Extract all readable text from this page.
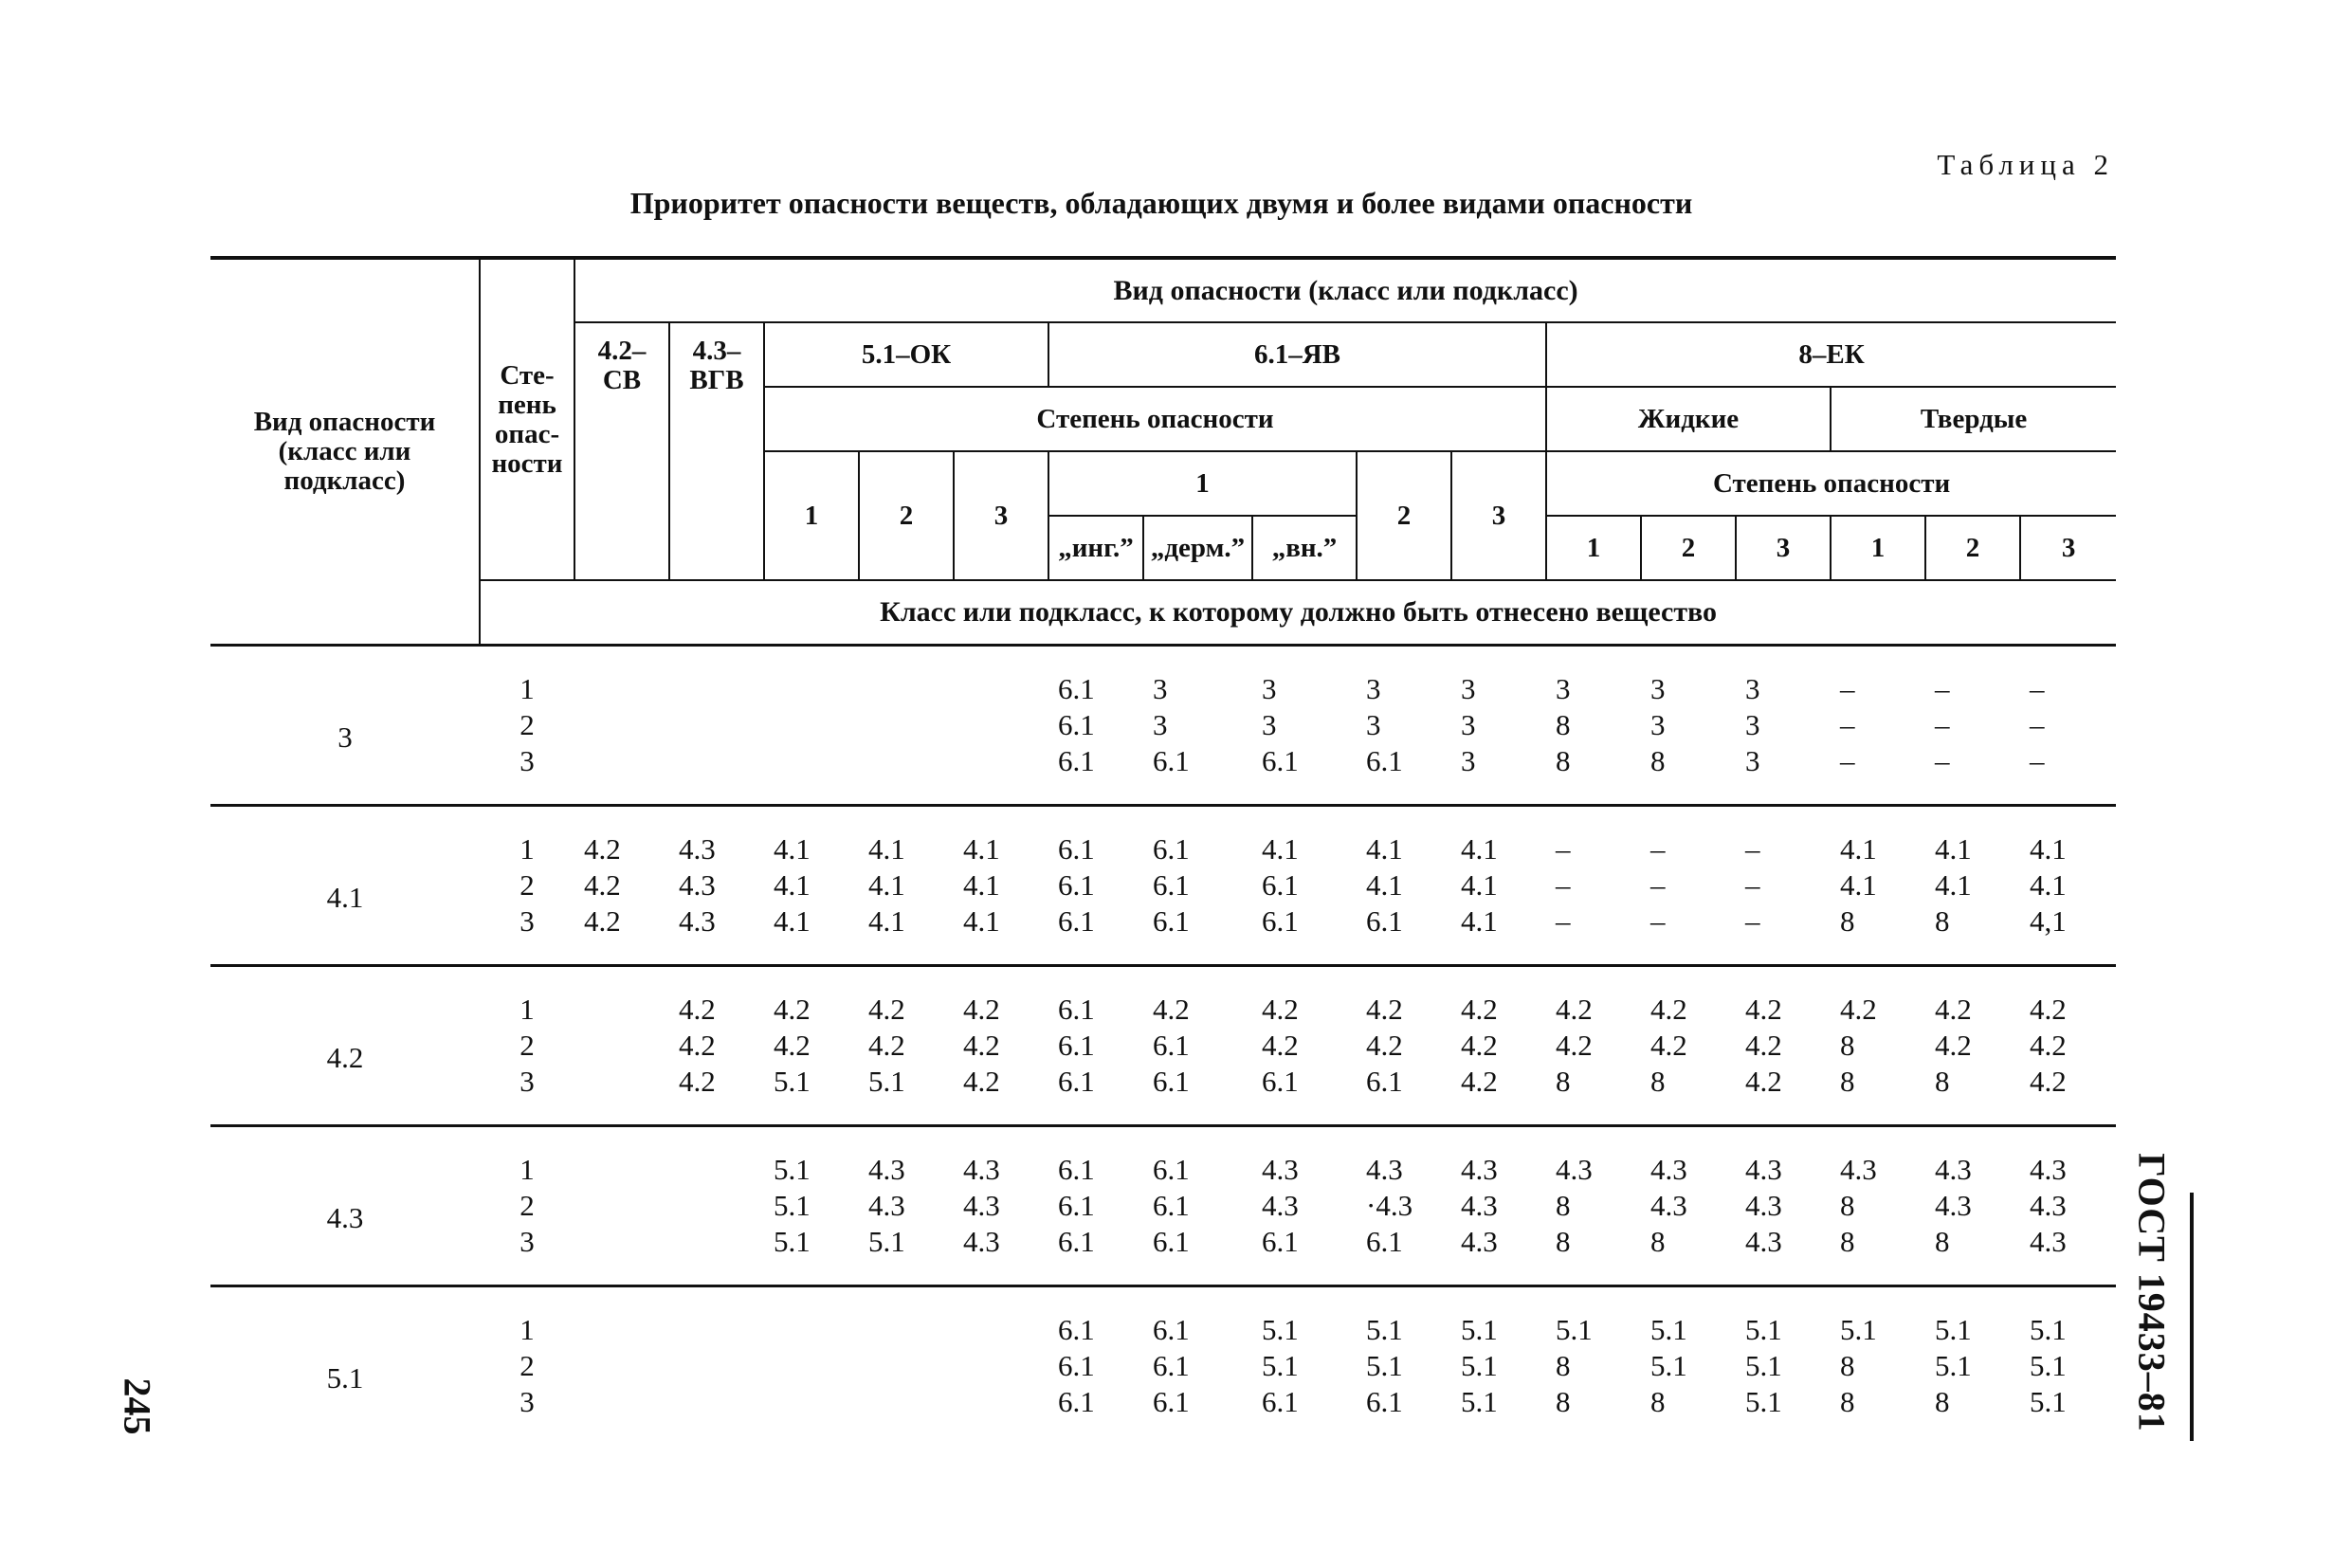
Таблица 2
Приоритет опасности веществ, обладающих двумя и более видами опасности
Вид опасности (класс или подкласс)	Сте-пень опас-ности	Вид опасности (класс или подкласс)															
		4.2–СВ	4.3–ВГВ	5.1–ОК			6.1–ЯВ					8–ЕК					
				Степень опасности								Жидкие			Твердые		
				1	2	3	1			2	3	Степень опасности					
							„инг.”	„дерм.”	„вн.”			1	2	3	1	2	3
	Класс или подкласс, к которому должно быть отнесено вещество																
3	1						6.1	3	3	3	3	3	3	3	–	–	–
	2						6.1	3	3	3	3	8	3	3	–	–	–
	3						6.1	6.1	6.1	6.1	3	8	8	3	–	–	–
4.1	1	4.2	4.3	4.1	4.1	4.1	6.1	6.1	4.1	4.1	4.1	–	–	–	4.1	4.1	4.1
	2	4.2	4.3	4.1	4.1	4.1	6.1	6.1	6.1	4.1	4.1	–	–	–	4.1	4.1	4.1
	3	4.2	4.3	4.1	4.1	4.1	6.1	6.1	6.1	6.1	4.1	–	–	–	8	8	4,1
4.2	1		4.2	4.2	4.2	4.2	6.1	4.2	4.2	4.2	4.2	4.2	4.2	4.2	4.2	4.2	4.2
	2		4.2	4.2	4.2	4.2	6.1	6.1	4.2	4.2	4.2	4.2	4.2	4.2	8	4.2	4.2
	3		4.2	5.1	5.1	4.2	6.1	6.1	6.1	6.1	4.2	8	8	4.2	8	8	4.2
4.3	1			5.1	4.3	4.3	6.1	6.1	4.3	4.3	4.3	4.3	4.3	4.3	4.3	4.3	4.3
	2			5.1	4.3	4.3	6.1	6.1	4.3	·4.3	4.3	8	4.3	4.3	8	4.3	4.3
	3			5.1	5.1	4.3	6.1	6.1	6.1	6.1	4.3	8	8	4.3	8	8	4.3
5.1	1						6.1	6.1	5.1	5.1	5.1	5.1	5.1	5.1	5.1	5.1	5.1
	2						6.1	6.1	5.1	5.1	5.1	8	5.1	5.1	8	5.1	5.1
	3						6.1	6.1	6.1	6.1	5.1	8	8	5.1	8	8	5.1
245	ГОСТ 19433–81
